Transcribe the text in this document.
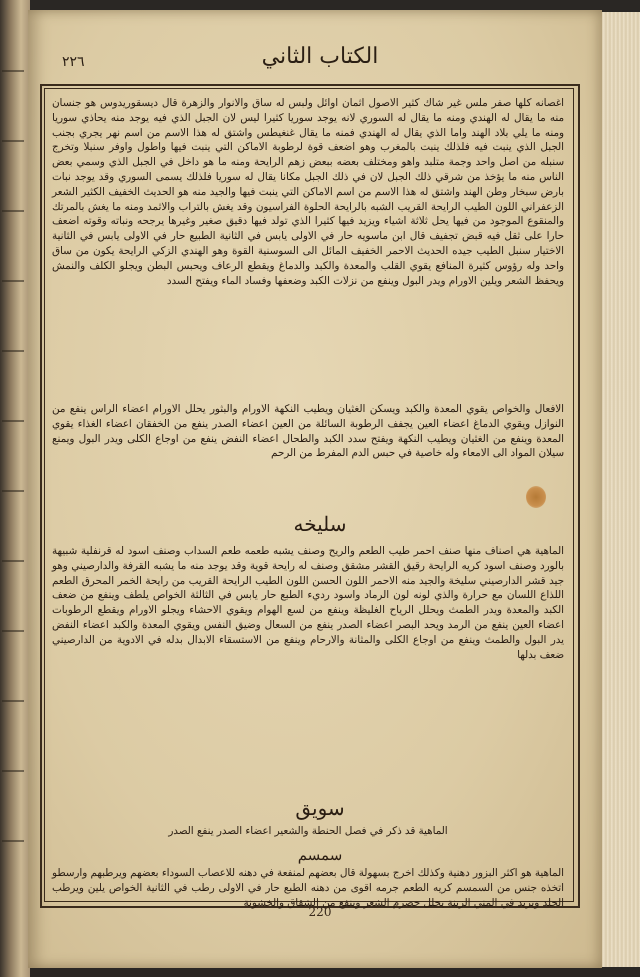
الكتاب الثاني
٢٢٦
اغصانه كلها صفر ملس غير شاك كثير الاصول اثمان اوائل ولبس له ساق والانوار والزهرة قال ديسقوريدوس هو جنسان منه ما يقال له الهندي ومنه ما يقال له السوري لانه يوجد سوريا كثيرا ليس لان الجبل الذي فيه يوجد منه يحاذي سوريا ومنه ما يلي بلاد الهند واما الذي يقال له الهندي فمنه ما يقال غنغيطس واشتق له هذا الاسم من اسم نهر يجري بجنب الجبل الذي ينبت فيه فلذلك ينبت بالمغرب وهو اضعف قوة لرطوبة الاماكن التي ينبت فيها واطول واوفر سنبلا وتخرج سنبله من اصل واحد وجمة متلبد واهو ومختلف بعضه ببعض زهم الرايحة ومنه ما هو داخل في الجبل الذي وسمي بعض الناس منه ما يؤخذ من شرقي ذلك الجبل لان في ذلك الجبل مكانا يقال له سوريا فلذلك يسمى السوري وقد يوجد نبات بارض سبخار وطن الهند واشتق له هذا الاسم من اسم الاماكن التي ينبت فيها والجيد منه هو الحديث الخفيف الكثير الشعر الزعفراني اللون الطيب الرايحة القريب الشبه بالرايحة الحلوة الفراسيون وقد يغش بالتراب والاثمد ومنه ما يغش بالمرتك والمنقوع الموجود من فيها يحل ثلاثة اشياء ويزيد فيها كثيرا الذي تولد فيها دقيق صغير وغيرها يرجحه ونباته وقوته اضعف حارا على ثقل فيه قبض تجفيف قال ابن ماسويه حار في الاولى يابس في الثانية الطبيع حار في الاولى يابس في الثانية الاختيار سنبل الطيب جيده الحديث الاحمر الخفيف المائل الى السوسنية القوة وهو الهندي الزكي الرايحة يكون من ساق واحد وله رؤوس كثيرة المنافع يقوي القلب والمعدة والكبد والدماغ ويقطع الرعاف ويحبس البطن ويجلو الكلف والنمش ويحفظ الشعر ويلين الاورام ويدر البول وينفع من نزلات الكبد وضعفها وفساد الماء ويفتح السدد
الافعال والخواص يقوي المعدة والكبد ويسكن الغثيان ويطيب النكهة الاورام والبثور يحلل الاورام اعضاء الراس ينفع من النوازل ويقوي الدماغ اعضاء العين يجفف الرطوبة السائلة من العين اعضاء الصدر ينفع من الخفقان اعضاء الغذاء يقوي المعدة وينفع من الغثيان ويطيب النكهة ويفتح سدد الكبد والطحال اعضاء النفض ينفع من اوجاع الكلى ويدر البول ويمنع سيلان المواد الى الامعاء وله خاصية في حبس الدم المفرط من الرحم
سليخه
الماهية هي اصناف منها صنف احمر طيب الطعم والريح وصنف يشبه طعمه طعم السداب وصنف اسود له قرنفلية شبيهة بالورد وصنف اسود كريه الرايحة رقيق القشر مشقق وصنف له رايحة قوية وقد يوجد منه ما يشبه القرفة والدارصيني وهو جيد قشر الدارصيني سليخة والجيد منه الاحمر اللون الحسن اللون الطيب الرايحة القريب من رايحة الخمر المحرق الطعم اللذاع اللسان مع حرارة والذي لونه لون الرماد واسود رديء الطبع حار يابس في الثالثة الخواص يلطف وينفع من ضعف الكبد والمعدة ويدر الطمث ويحلل الرياح الغليظة وينفع من لسع الهوام ويقوي الاحشاء ويجلو الاورام ويقطع الرطوبات اعضاء العين ينفع من الرمد ويحد البصر اعضاء الصدر ينفع من السعال وضيق النفس ويقوي المعدة والكبد اعضاء النفض يدر البول والطمث وينفع من اوجاع الكلى والمثانة والارحام وينفع من الاستسقاء الابدال بدله في الادوية من الدارصيني ضعف بدلها
سويق
الماهية قد ذكر في فصل الحنطة والشعير اعضاء الصدر ينفع الصدر
سمسم
الماهية هو اكثر البزور دهنية وكذلك اخرج بسهولة قال بعضهم لمنفعة في دهنه للاعصاب السوداء بعضهم ويرطبهم وارسطو اتخذه جنس من السمسم كريه الطعم جرمه اقوى من دهنه الطبع حار في الاولى رطب في الثانية الخواص يلين ويرطب الجلد ويزيد في المني الزينة يحلل حصرم الشعر وينفع من الشقاق والخشونة
220
